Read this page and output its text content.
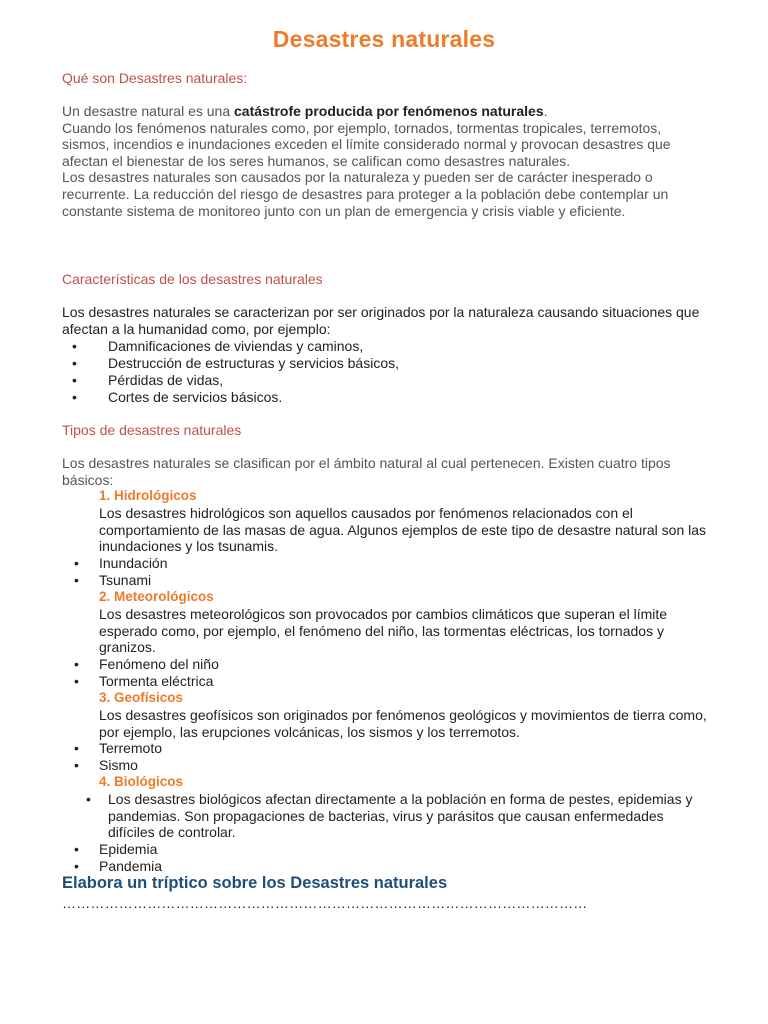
Desastres naturales
Qué son Desastres naturales:
Un desastre natural es una catástrofe producida por fenómenos naturales.
Cuando los fenómenos naturales como, por ejemplo, tornados, tormentas tropicales, terremotos, sismos, incendios e inundaciones exceden el límite considerado normal y provocan desastres que afectan el bienestar de los seres humanos, se califican como desastres naturales.
Los desastres naturales son causados por la naturaleza y pueden ser de carácter inesperado o recurrente. La reducción del riesgo de desastres para proteger a la población debe contemplar un constante sistema de monitoreo junto con un plan de emergencia y crisis viable y eficiente.
Características de los desastres naturales
Los desastres naturales se caracterizan por ser originados por la naturaleza causando situaciones que afectan a la humanidad como, por ejemplo:
• Damnificaciones de viviendas y caminos,
• Destrucción de estructuras y servicios básicos,
• Pérdidas de vidas,
• Cortes de servicios básicos.
Tipos de desastres naturales
Los desastres naturales se clasifican por el ámbito natural al cual pertenecen. Existen cuatro tipos básicos:
1. Hidrológicos
Los desastres hidrológicos son aquellos causados por fenómenos relacionados con el comportamiento de las masas de agua. Algunos ejemplos de este tipo de desastre natural son las inundaciones y los tsunamis.
• Inundación
• Tsunami
2. Meteorológicos
Los desastres meteorológicos son provocados por cambios climáticos que superan el límite esperado como, por ejemplo, el fenómeno del niño, las tormentas eléctricas, los tornados y granizos.
• Fenómeno del niño
• Tormenta eléctrica
3. Geofísicos
Los desastres geofísicos son originados por fenómenos geológicos y movimientos de tierra como, por ejemplo, las erupciones volcánicas, los sismos y los terremotos.
• Terremoto
• Sismo
4. Biológicos
• Los desastres biológicos afectan directamente a la población en forma de pestes, epidemias y pandemias. Son propagaciones de bacterias, virus y parásitos que causan enfermedades difíciles de controlar.
• Epidemia
• Pandemia
Elabora un tríptico sobre los Desastres naturales
…………………………………………………………………………………………………
